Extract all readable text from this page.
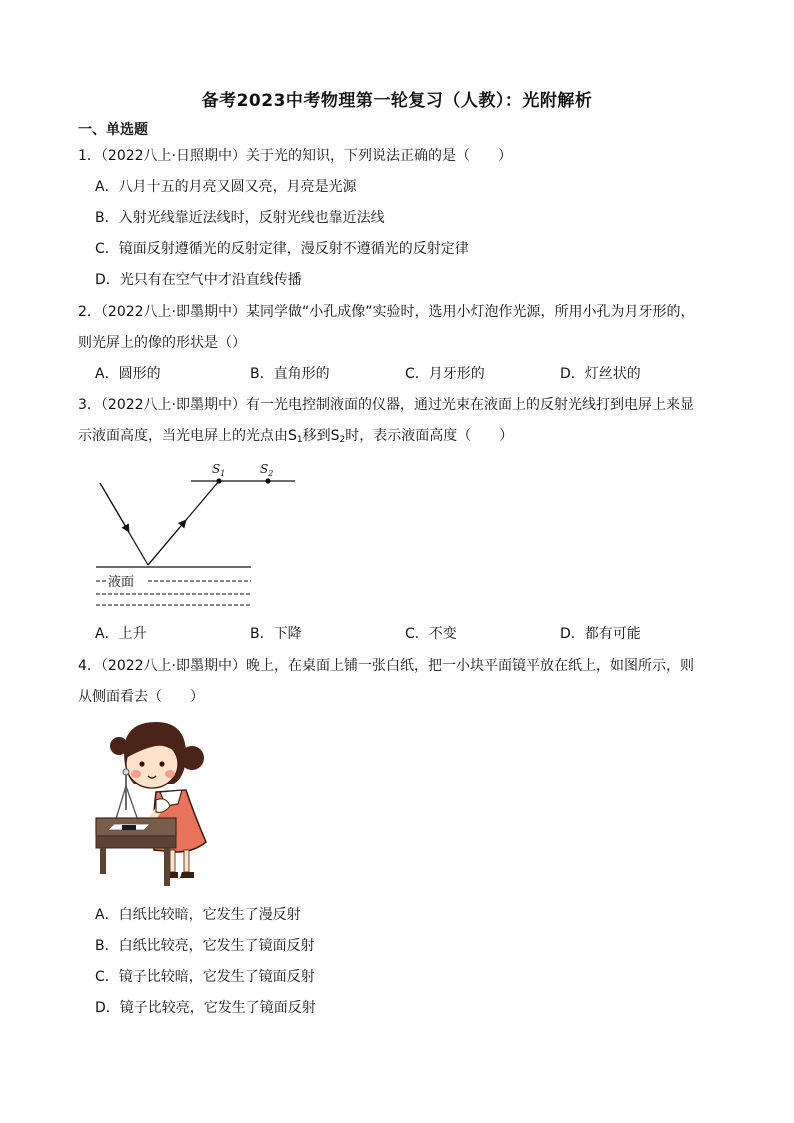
备考2023中考物理第一轮复习（人教）：光附解析
一、单选题
1．（2022八上·日照期中）关于光的知识，下列说法正确的是（　　）
A．八月十五的月亮又圆又亮，月亮是光源
B．入射光线靠近法线时，反射光线也靠近法线
C．镜面反射遵循光的反射定律，漫反射不遵循光的反射定律
D．光只有在空气中才沿直线传播
2．（2022八上·即墨期中）某同学做“小孔成像”实验时，选用小灯泡作光源，所用小孔为月牙形的，
则光屏上的像的形状是（）
A．圆形的	B．直角形的	C．月牙形的	D．灯丝状的
3．（2022八上·即墨期中）有一光电控制液面的仪器，通过光束在液面上的反射光线打到电屏上来显
示液面高度，当光电屏上的光点由$S_1$移到$S_2$时，表示液面高度（　　）
$S_1$	$S_2$
液面
A．上升	B．下降	C．不变	D．都有可能
4．（2022八上·即墨期中）晚上，在桌面上铺一张白纸，把一小块平面镜平放在纸上，如图所示，则
从侧面看去（　　）
A．白纸比较暗，它发生了漫反射
B．白纸比较亮，它发生了镜面反射
C．镜子比较暗，它发生了镜面反射
D．镜子比较亮，它发生了镜面反射
